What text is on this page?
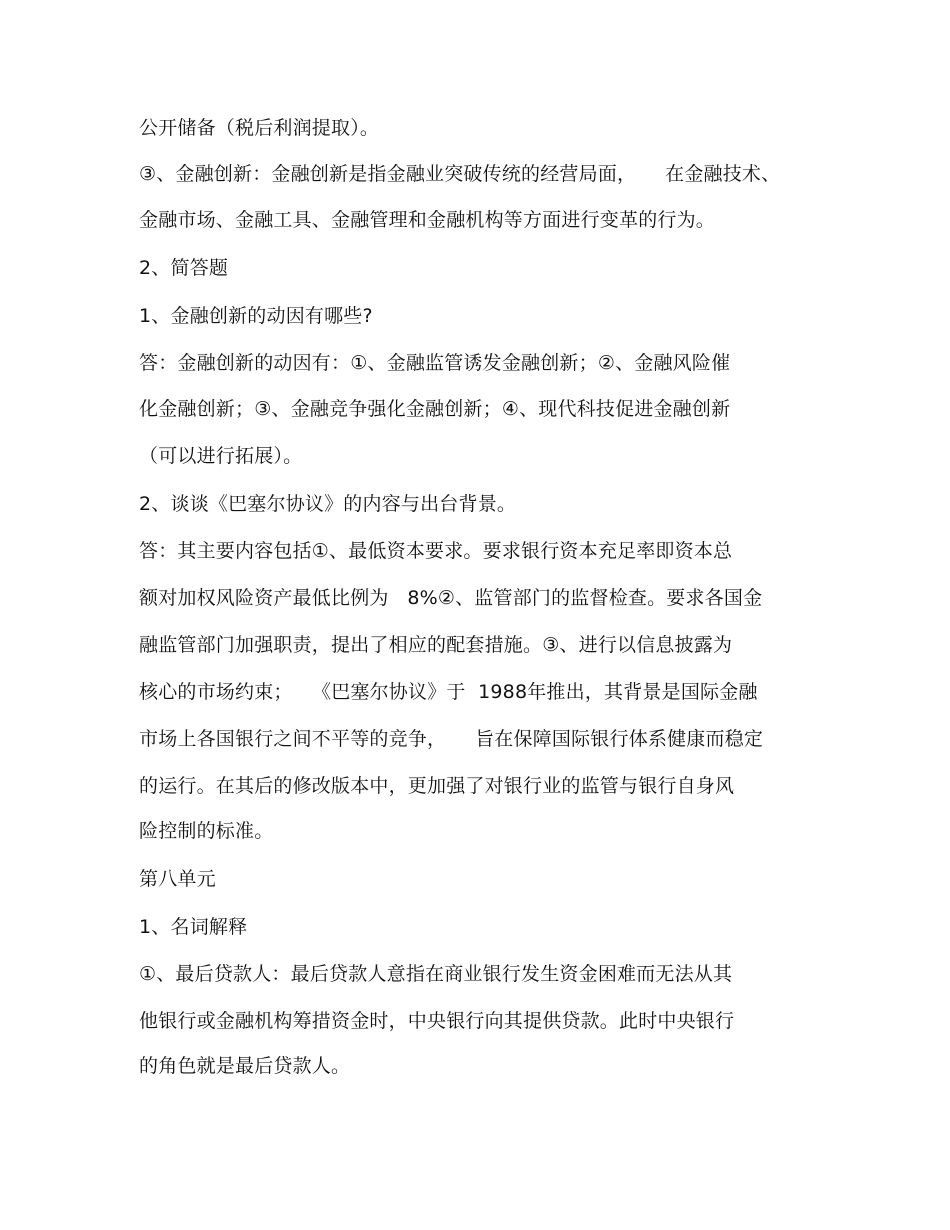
公开储备（税后利润提取）。
③、金融创新：金融创新是指金融业突破传统的经营局面，　　在金融技术、
金融市场、金融工具、金融管理和金融机构等方面进行变革的行为。
2、简答题
1、金融创新的动因有哪些?
答：金融创新的动因有：①、金融监管诱发金融创新；②、金融风险催
化金融创新；③、金融竞争强化金融创新；④、现代科技促进金融创新
（可以进行拓展）。
2、谈谈《巴塞尔协议》的内容与出台背景。
答：其主要内容包括①、最低资本要求。要求银行资本充足率即资本总
额对加权风险资产最低比例为   8%②、监管部门的监督检查。要求各国金
融监管部门加强职责，提出了相应的配套措施。③、进行以信息披露为
核心的市场约束；　　《巴塞尔协议》于  1988年推出，其背景是国际金融
市场上各国银行之间不平等的竞争，　　旨在保障国际银行体系健康而稳定
的运行。在其后的修改版本中，更加强了对银行业的监管与银行自身风
险控制的标准。
第八单元
1、名词解释
①、最后贷款人：最后贷款人意指在商业银行发生资金困难而无法从其
他银行或金融机构筹措资金时，中央银行向其提供贷款。此时中央银行
的角色就是最后贷款人。
